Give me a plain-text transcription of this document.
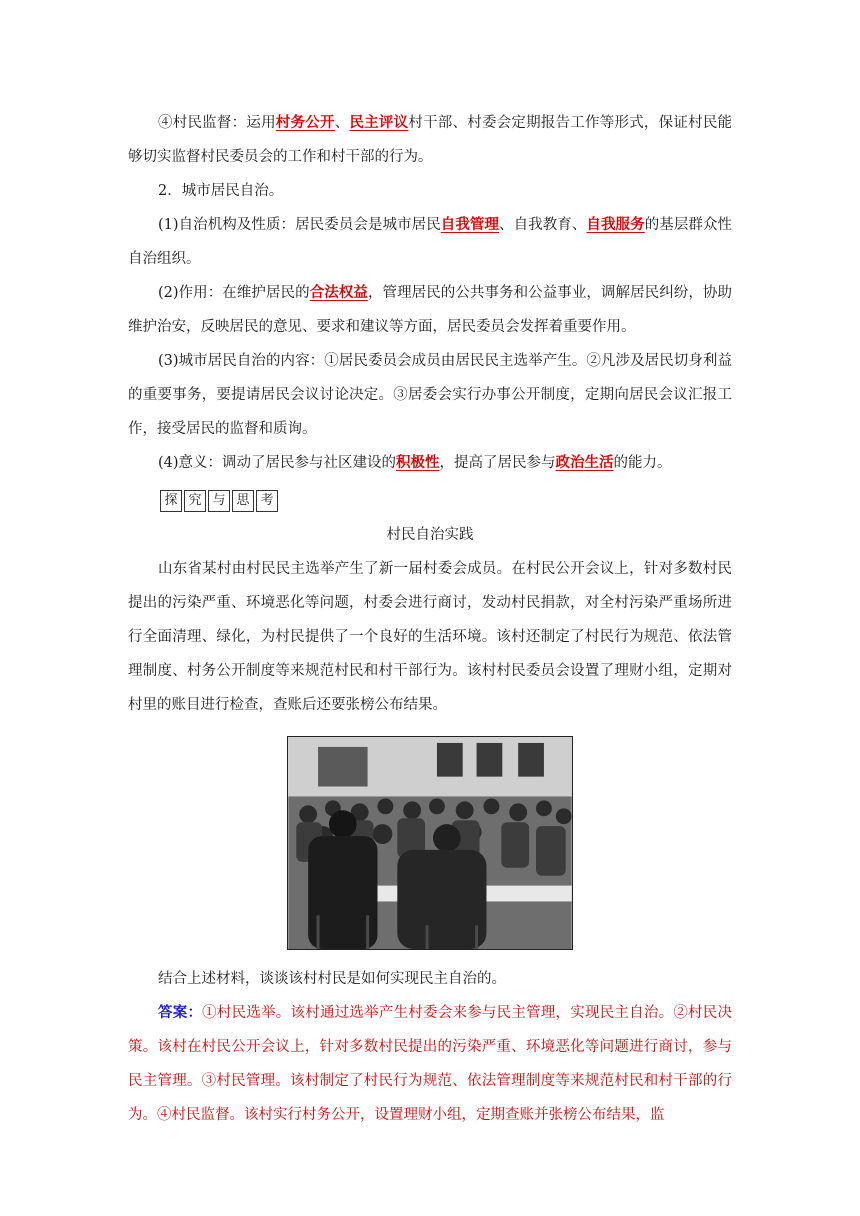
④村民监督：运用村务公开、民主评议村干部、村委会定期报告工作等形式，保证村民能够切实监督村民委员会的工作和村干部的行为。

2．城市居民自治。

(1)自治机构及性质：居民委员会是城市居民自我管理、自我教育、自我服务的基层群众性自治组织。

(2)作用：在维护居民的合法权益，管理居民的公共事务和公益事业，调解居民纠纷，协助维护治安，反映居民的意见、要求和建议等方面，居民委员会发挥着重要作用。

(3)城市居民自治的内容：①居民委员会成员由居民民主选举产生。②凡涉及居民切身利益的重要事务，要提请居民会议讨论决定。③居委会实行办事公开制度，定期向居民会议汇报工作，接受居民的监督和质询。

(4)意义：调动了居民参与社区建设的积极性，提高了居民参与政治生活的能力。

探 究 与 思 考

村民自治实践

山东省某村由村民民主选举产生了新一届村委会成员。在村民公开会议上，针对多数村民提出的污染严重、环境恶化等问题，村委会进行商讨，发动村民捐款，对全村污染严重场所进行全面清理、绿化，为村民提供了一个良好的生活环境。该村还制定了村民行为规范、依法管理制度、村务公开制度等来规范村民和村干部行为。该村村民委员会设置了理财小组，定期对村里的账目进行检查，查账后还要张榜公布结果。

结合上述材料，谈谈该村村民是如何实现民主自治的。

答案：①村民选举。该村通过选举产生村委会来参与民主管理，实现民主自治。②村民决策。该村在村民公开会议上，针对多数村民提出的污染严重、环境恶化等问题进行商讨，参与民主管理。③村民管理。该村制定了村民行为规范、依法管理制度等来规范村民和村干部的行为。④村民监督。该村实行村务公开，设置理财小组，定期查账并张榜公布结果，监
